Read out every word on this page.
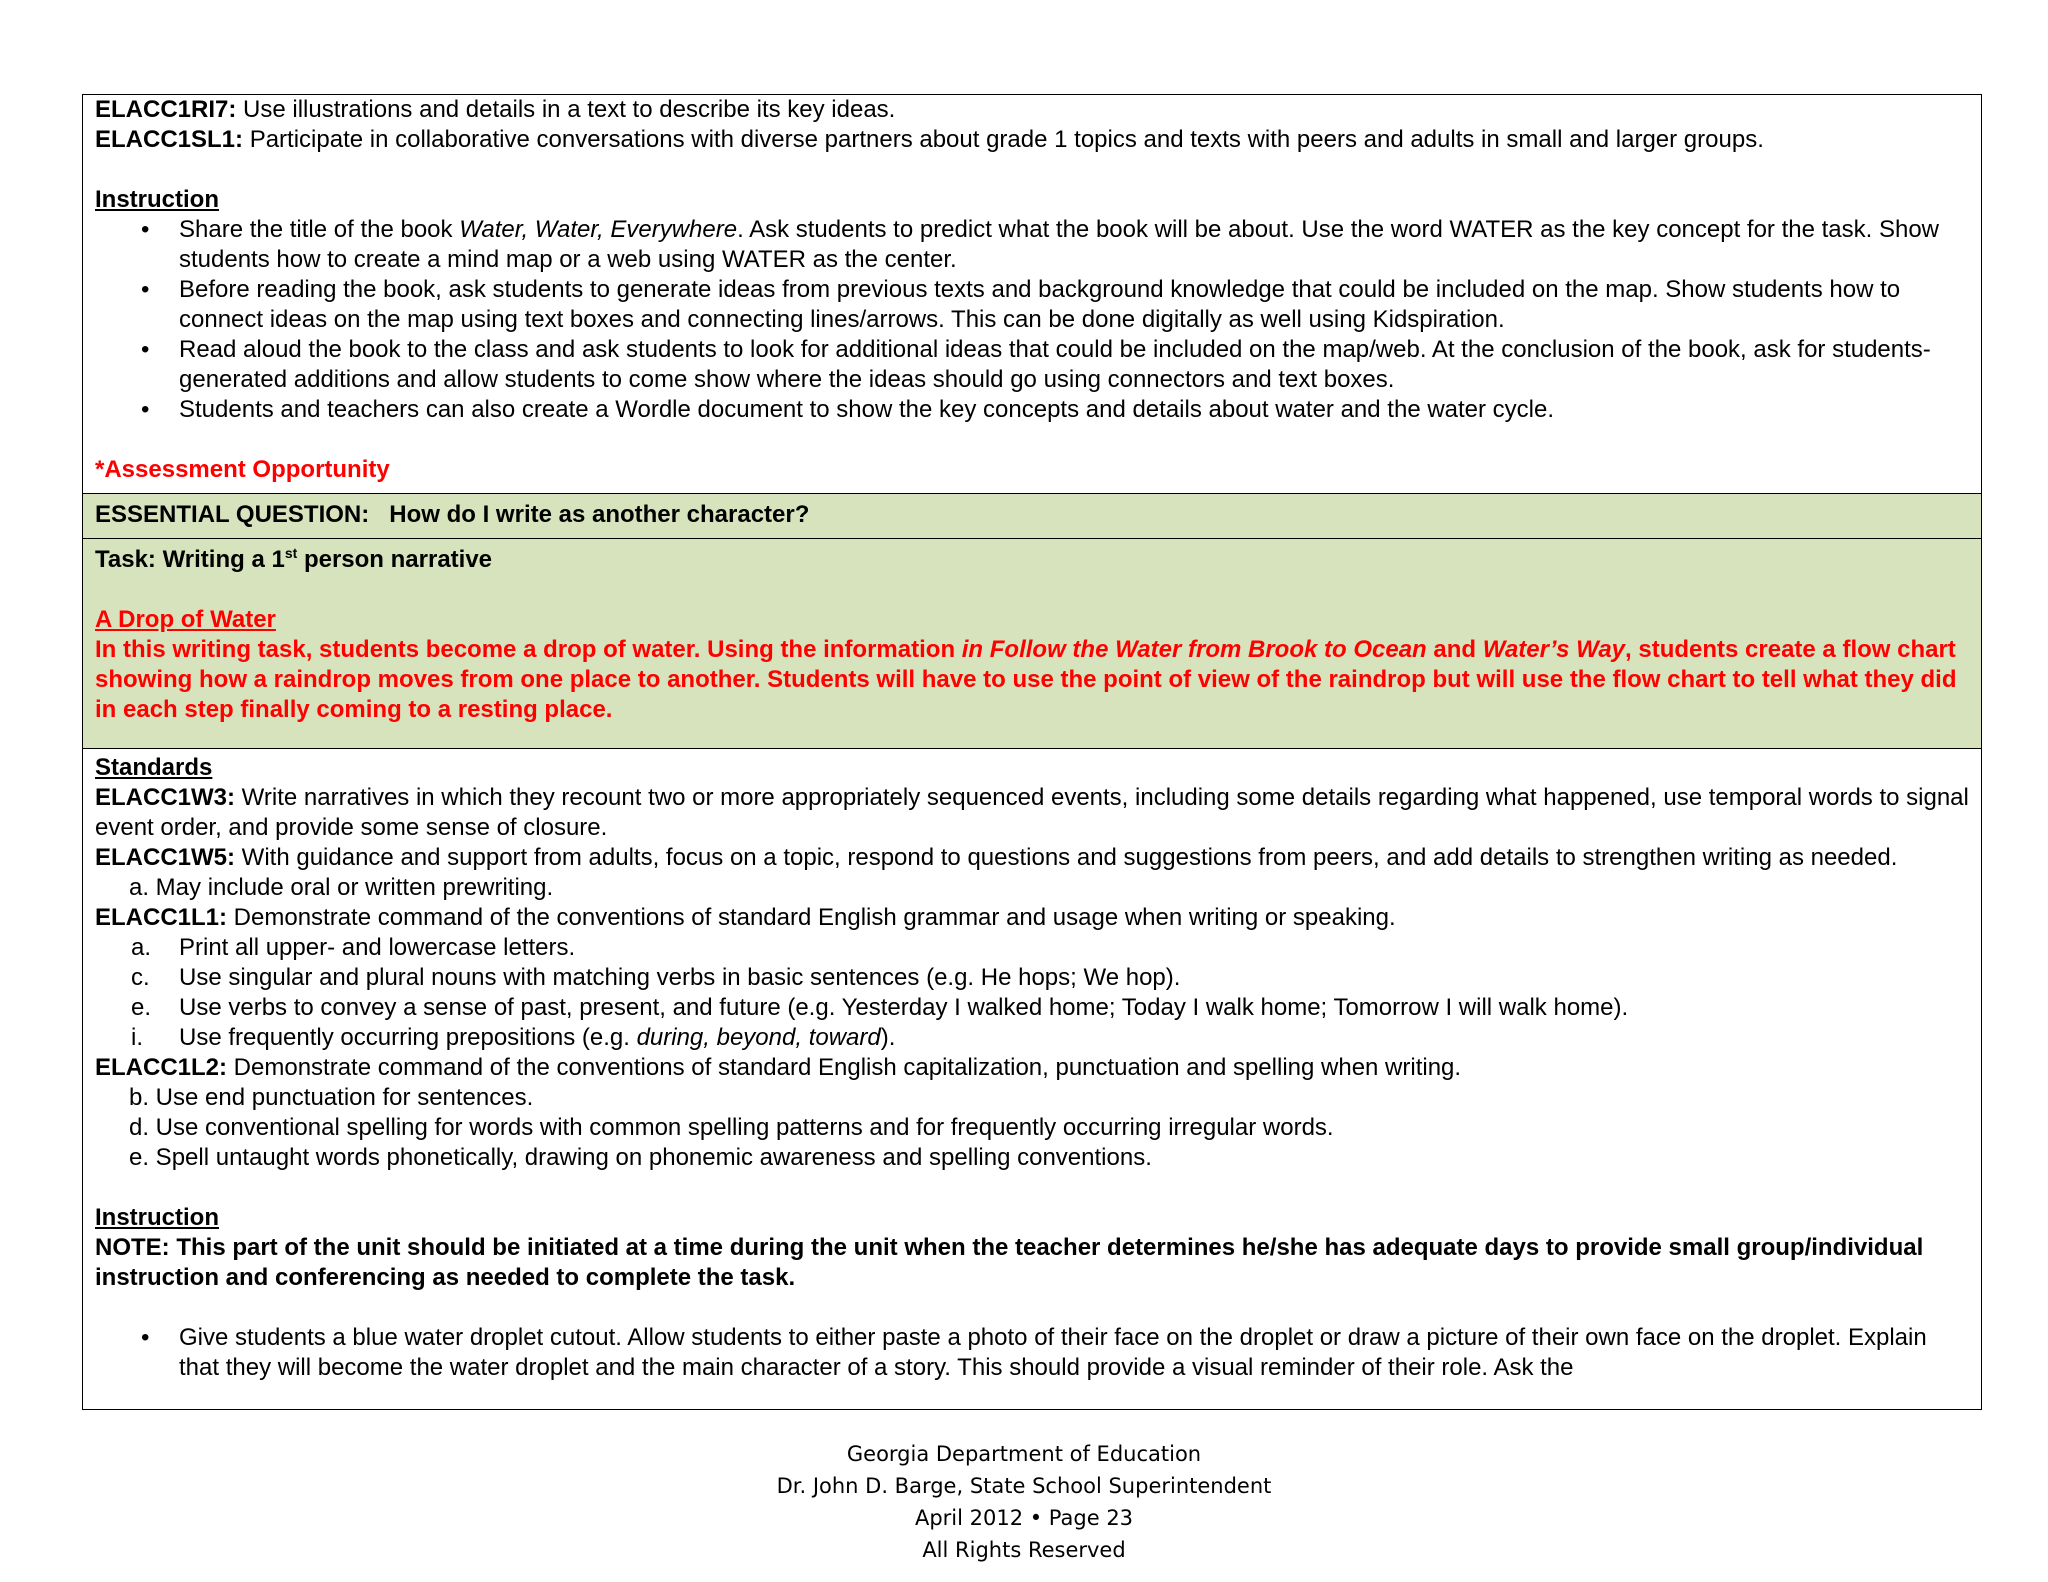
ELACC1RI7: Use illustrations and details in a text to describe its key ideas.
ELACC1SL1: Participate in collaborative conversations with diverse partners about grade 1 topics and texts with peers and adults in small and larger groups.
Instruction
• Share the title of the book Water, Water, Everywhere. Ask students to predict what the book will be about. Use the word WATER as the key concept for the task. Show students how to create a mind map or a web using WATER as the center.
• Before reading the book, ask students to generate ideas from previous texts and background knowledge that could be included on the map. Show students how to connect ideas on the map using text boxes and connecting lines/arrows. This can be done digitally as well using Kidspiration.
• Read aloud the book to the class and ask students to look for additional ideas that could be included on the map/web. At the conclusion of the book, ask for students-generated additions and allow students to come show where the ideas should go using connectors and text boxes.
• Students and teachers can also create a Wordle document to show the key concepts and details about water and the water cycle.
*Assessment Opportunity
ESSENTIAL QUESTION: How do I write as another character?
Task: Writing a 1st person narrative
A Drop of Water
In this writing task, students become a drop of water. Using the information in Follow the Water from Brook to Ocean and Water’s Way, students create a flow chart showing how a raindrop moves from one place to another. Students will have to use the point of view of the raindrop but will use the flow chart to tell what they did in each step finally coming to a resting place.
Standards
ELACC1W3: Write narratives in which they recount two or more appropriately sequenced events, including some details regarding what happened, use temporal words to signal event order, and provide some sense of closure.
ELACC1W5: With guidance and support from adults, focus on a topic, respond to questions and suggestions from peers, and add details to strengthen writing as needed.
a. May include oral or written prewriting.
ELACC1L1: Demonstrate command of the conventions of standard English grammar and usage when writing or speaking.
a. Print all upper- and lowercase letters.
c. Use singular and plural nouns with matching verbs in basic sentences (e.g. He hops; We hop).
e. Use verbs to convey a sense of past, present, and future (e.g. Yesterday I walked home; Today I walk home; Tomorrow I will walk home).
i. Use frequently occurring prepositions (e.g. during, beyond, toward).
ELACC1L2: Demonstrate command of the conventions of standard English capitalization, punctuation and spelling when writing.
b. Use end punctuation for sentences.
d. Use conventional spelling for words with common spelling patterns and for frequently occurring irregular words.
e. Spell untaught words phonetically, drawing on phonemic awareness and spelling conventions.
Instruction
NOTE: This part of the unit should be initiated at a time during the unit when the teacher determines he/she has adequate days to provide small group/individual instruction and conferencing as needed to complete the task.
• Give students a blue water droplet cutout. Allow students to either paste a photo of their face on the droplet or draw a picture of their own face on the droplet. Explain that they will become the water droplet and the main character of a story. This should provide a visual reminder of their role. Ask the
Georgia Department of Education
Dr. John D. Barge, State School Superintendent
April 2012 • Page 23
All Rights Reserved
